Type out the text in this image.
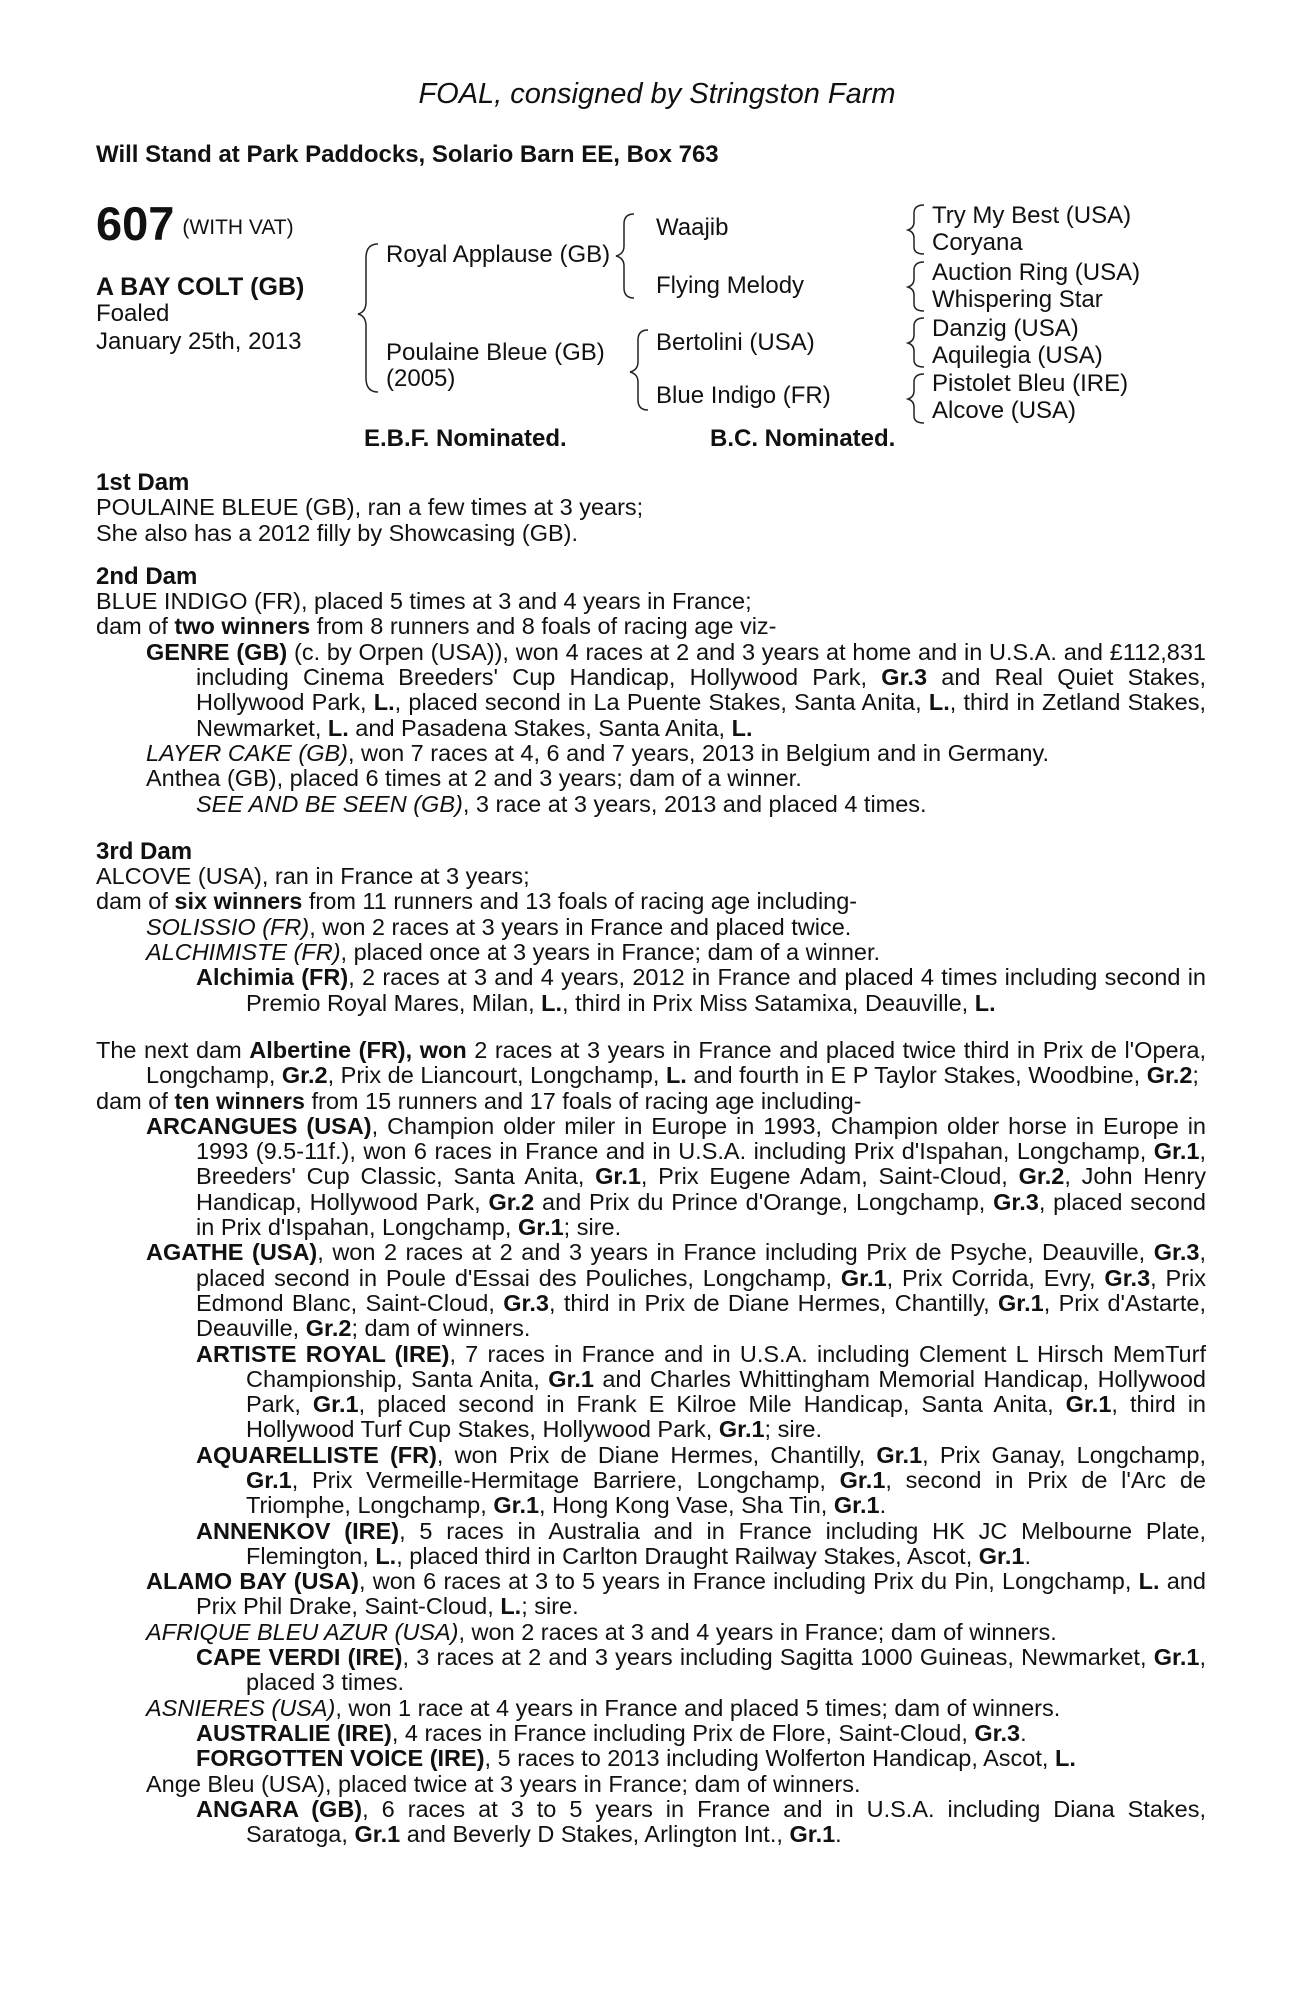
FOAL, consigned by Stringston Farm
Will Stand at Park Paddocks, Solario Barn EE, Box 763
607 (WITH VAT)
A BAY COLT (GB)
Foaled
January 25th, 2013
Royal Applause (GB)
Poulaine Bleue (GB)
(2005)
Waajib
Flying Melody
Bertolini (USA)
Blue Indigo (FR)
Try My Best (USA)
Coryana
Auction Ring (USA)
Whispering Star
Danzig (USA)
Aquilegia (USA)
Pistolet Bleu (IRE)
Alcove (USA)
E.B.F. Nominated.	B.C. Nominated.

1st Dam

POULAINE BLEUE (GB), ran a few times at 3 years;

She also has a 2012 filly by Showcasing (GB).

2nd Dam

BLUE INDIGO (FR), placed 5 times at 3 and 4 years in France;

dam of two winners from 8 runners and 8 foals of racing age viz-

GENRE (GB) (c. by Orpen (USA)), won 4 races at 2 and 3 years at home and in U.S.A. and £112,831 including Cinema Breeders' Cup Handicap, Hollywood Park, Gr.3 and Real Quiet Stakes, Hollywood Park, L., placed second in La Puente Stakes, Santa Anita, L., third in Zetland Stakes, Newmarket, L. and Pasadena Stakes, Santa Anita, L.

LAYER CAKE (GB), won 7 races at 4, 6 and 7 years, 2013 in Belgium and in Germany.

Anthea (GB), placed 6 times at 2 and 3 years; dam of a winner.

SEE AND BE SEEN (GB), 3 race at 3 years, 2013 and placed 4 times.

3rd Dam

ALCOVE (USA), ran in France at 3 years;

dam of six winners from 11 runners and 13 foals of racing age including-

SOLISSIO (FR), won 2 races at 3 years in France and placed twice.

ALCHIMISTE (FR), placed once at 3 years in France; dam of a winner.

Alchimia (FR), 2 races at 3 and 4 years, 2012 in France and placed 4 times including second in Premio Royal Mares, Milan, L., third in Prix Miss Satamixa, Deauville, L.

The next dam Albertine (FR), won 2 races at 3 years in France and placed twice third in Prix de l'Opera, Longchamp, Gr.2, Prix de Liancourt, Longchamp, L. and fourth in E P Taylor Stakes, Woodbine, Gr.2;

dam of ten winners from 15 runners and 17 foals of racing age including-

ARCANGUES (USA), Champion older miler in Europe in 1993, Champion older horse in Europe in 1993 (9.5-11f.), won 6 races in France and in U.S.A. including Prix d'Ispahan, Longchamp, Gr.1, Breeders' Cup Classic, Santa Anita, Gr.1, Prix Eugene Adam, Saint-Cloud, Gr.2, John Henry Handicap, Hollywood Park, Gr.2 and Prix du Prince d'Orange, Longchamp, Gr.3, placed second in Prix d'Ispahan, Longchamp, Gr.1; sire.

AGATHE (USA), won 2 races at 2 and 3 years in France including Prix de Psyche, Deauville, Gr.3, placed second in Poule d'Essai des Pouliches, Longchamp, Gr.1, Prix Corrida, Evry, Gr.3, Prix Edmond Blanc, Saint-Cloud, Gr.3, third in Prix de Diane Hermes, Chantilly, Gr.1, Prix d'Astarte, Deauville, Gr.2; dam of winners.

ARTISTE ROYAL (IRE), 7 races in France and in U.S.A. including Clement L Hirsch MemTurf Championship, Santa Anita, Gr.1 and Charles Whittingham Memorial Handicap, Hollywood Park, Gr.1, placed second in Frank E Kilroe Mile Handicap, Santa Anita, Gr.1, third in Hollywood Turf Cup Stakes, Hollywood Park, Gr.1; sire.

AQUARELLISTE (FR), won Prix de Diane Hermes, Chantilly, Gr.1, Prix Ganay, Longchamp, Gr.1, Prix Vermeille-Hermitage Barriere, Longchamp, Gr.1, second in Prix de l'Arc de Triomphe, Longchamp, Gr.1, Hong Kong Vase, Sha Tin, Gr.1.

ANNENKOV (IRE), 5 races in Australia and in France including HK JC Melbourne Plate, Flemington, L., placed third in Carlton Draught Railway Stakes, Ascot, Gr.1.

ALAMO BAY (USA), won 6 races at 3 to 5 years in France including Prix du Pin, Longchamp, L. and Prix Phil Drake, Saint-Cloud, L.; sire.

AFRIQUE BLEU AZUR (USA), won 2 races at 3 and 4 years in France; dam of winners.

CAPE VERDI (IRE), 3 races at 2 and 3 years including Sagitta 1000 Guineas, Newmarket, Gr.1, placed 3 times.

ASNIERES (USA), won 1 race at 4 years in France and placed 5 times; dam of winners.

AUSTRALIE (IRE), 4 races in France including Prix de Flore, Saint-Cloud, Gr.3.

FORGOTTEN VOICE (IRE), 5 races to 2013 including Wolferton Handicap, Ascot, L.

Ange Bleu (USA), placed twice at 3 years in France; dam of winners.

ANGARA (GB), 6 races at 3 to 5 years in France and in U.S.A. including Diana Stakes, Saratoga, Gr.1 and Beverly D Stakes, Arlington Int., Gr.1.
